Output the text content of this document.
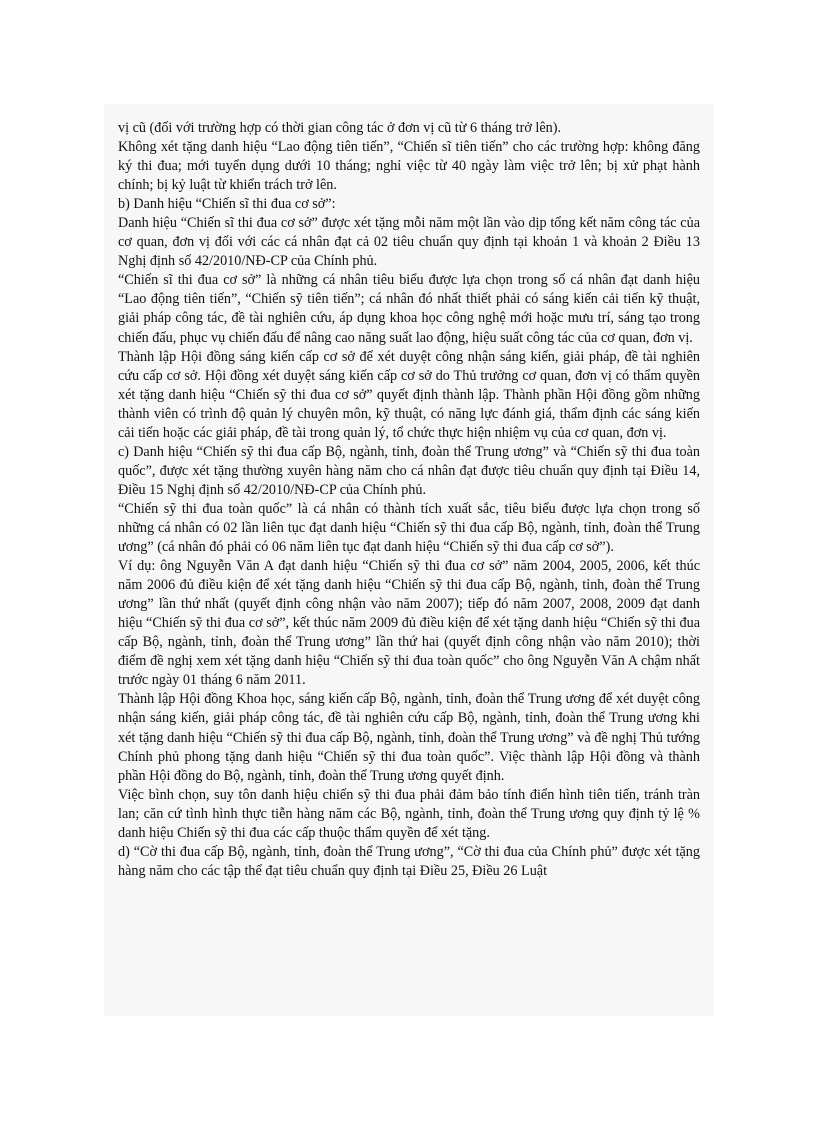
vị cũ (đối với trường hợp có thời gian công tác ở đơn vị cũ từ 6 tháng trở lên).

Không xét tặng danh hiệu “Lao động tiên tiến”, “Chiến sĩ tiên tiến” cho các trường hợp: không đăng ký thi đua; mới tuyển dụng dưới 10 tháng; nghỉ việc từ 40 ngày làm việc trở lên; bị xử phạt hành chính; bị kỷ luật từ khiển trách trở lên.

b) Danh hiệu “Chiến sĩ thi đua cơ sở”:

Danh hiệu “Chiến sĩ thi đua cơ sở” được xét tặng mỗi năm một lần vào dịp tổng kết năm công tác của cơ quan, đơn vị đối với các cá nhân đạt cả 02 tiêu chuẩn quy định tại khoản 1 và khoản 2 Điều 13 Nghị định số 42/2010/NĐ-CP của Chính phủ.

“Chiến sĩ thi đua cơ sở” là những cá nhân tiêu biểu được lựa chọn trong số cá nhân đạt danh hiệu “Lao động tiên tiến”, “Chiến sỹ tiên tiến”; cá nhân đó nhất thiết phải có sáng kiến cải tiến kỹ thuật, giải pháp công tác, đề tài nghiên cứu, áp dụng khoa học công nghệ mới hoặc mưu trí, sáng tạo trong chiến đấu, phục vụ chiến đấu để nâng cao năng suất lao động, hiệu suất công tác của cơ quan, đơn vị.

Thành lập Hội đồng sáng kiến cấp cơ sở để xét duyệt công nhận sáng kiến, giải pháp, đề tài nghiên cứu cấp cơ sở. Hội đồng xét duyệt sáng kiến cấp cơ sở do Thủ trưởng cơ quan, đơn vị có thẩm quyền xét tặng danh hiệu “Chiến sỹ thi đua cơ sở” quyết định thành lập. Thành phần Hội đồng gồm những thành viên có trình độ quản lý chuyên môn, kỹ thuật, có năng lực đánh giá, thẩm định các sáng kiến cải tiến hoặc các giải pháp, đề tài trong quản lý, tổ chức thực hiện nhiệm vụ của cơ quan, đơn vị.

c) Danh hiệu “Chiến sỹ thi đua cấp Bộ, ngành, tỉnh, đoàn thể Trung ương” và “Chiến sỹ thi đua toàn quốc”, được xét tặng thường xuyên hàng năm cho cá nhân đạt được tiêu chuẩn quy định tại Điều 14, Điều 15 Nghị định số 42/2010/NĐ-CP của Chính phủ.

“Chiến sỹ thi đua toàn quốc” là cá nhân có thành tích xuất sắc, tiêu biểu được lựa chọn trong số những cá nhân có 02 lần liên tục đạt danh hiệu “Chiến sỹ thi đua cấp Bộ, ngành, tỉnh, đoàn thể Trung ương” (cá nhân đó phải có 06 năm liên tục đạt danh hiệu “Chiến sỹ thi đua cấp cơ sở”).

Ví dụ: ông Nguyễn Văn A đạt danh hiệu “Chiến sỹ thi đua cơ sở” năm 2004, 2005, 2006, kết thúc năm 2006 đủ điều kiện để xét tặng danh hiệu “Chiến sỹ thi đua cấp Bộ, ngành, tỉnh, đoàn thể Trung ương” lần thứ nhất (quyết định công nhận vào năm 2007); tiếp đó năm 2007, 2008, 2009 đạt danh hiệu “Chiến sỹ thi đua cơ sở”, kết thúc năm 2009 đủ điều kiện để xét tặng danh hiệu “Chiến sỹ thi đua cấp Bộ, ngành, tỉnh, đoàn thể Trung ương” lần thứ hai (quyết định công nhận vào năm 2010); thời điểm đề nghị xem xét tặng danh hiệu “Chiến sỹ thi đua toàn quốc” cho ông Nguyễn Văn A chậm nhất trước ngày 01 tháng 6 năm 2011.

Thành lập Hội đồng Khoa học, sáng kiến cấp Bộ, ngành, tỉnh, đoàn thể Trung ương để xét duyệt công nhận sáng kiến, giải pháp công tác, đề tài nghiên cứu cấp Bộ, ngành, tỉnh, đoàn thể Trung ương khi xét tặng danh hiệu “Chiến sỹ thi đua cấp Bộ, ngành, tỉnh, đoàn thể Trung ương” và đề nghị Thủ tướng Chính phủ phong tặng danh hiệu “Chiến sỹ thi đua toàn quốc”. Việc thành lập Hội đồng và thành phần Hội đồng do Bộ, ngành, tỉnh, đoàn thể Trung ương quyết định.

Việc bình chọn, suy tôn danh hiệu chiến sỹ thi đua phải đảm bảo tính điển hình tiên tiến, tránh tràn lan; căn cứ tình hình thực tiễn hàng năm các Bộ, ngành, tỉnh, đoàn thể Trung ương quy định tỷ lệ % danh hiệu Chiến sỹ thi đua các cấp thuộc thẩm quyền để xét tặng.

d) “Cờ thi đua cấp Bộ, ngành, tỉnh, đoàn thể Trung ương”, “Cờ thi đua của Chính phủ” được xét tặng hàng năm cho các tập thể đạt tiêu chuẩn quy định tại Điều 25, Điều 26 Luật
